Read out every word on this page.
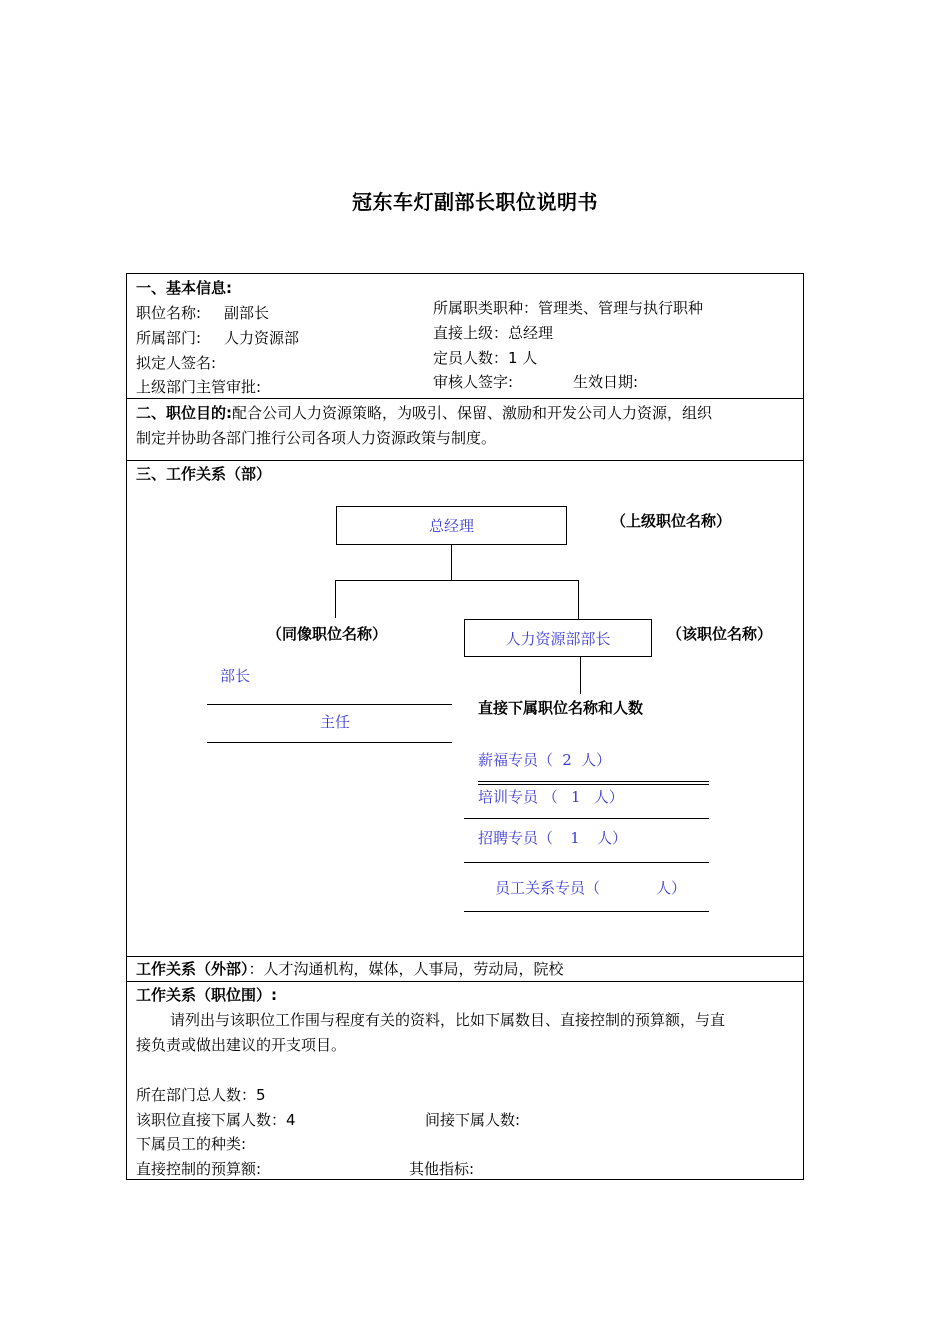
冠东车灯副部长职位说明书
一、基本信息:
职位名称: 副部长
所属部门: 人力资源部
拟定人签名:
上级部门主管审批:
所属职类职种：管理类、管理与执行职种
直接上级：总经理
定员人数：1 人
审核人签字:	生效日期:
二、职位目的:配合公司人力资源策略，为吸引、保留、激励和开发公司人力资源，组织
制定并协助各部门推行公司各项人力资源政策与制度。
三、工作关系（部）
总经理	（上级职位名称）
（同像职位名称）	人力资源部部长	（该职位名称）
部长
主任
直接下属职位名称和人数
薪福专员（ 2 人）
培训专员 （ 1 人）
招聘专员（ 1 人）
员工关系专员（	人）
工作关系（外部）：人才沟通机构，媒体，人事局，劳动局，院校
工作关系（职位围）:
请列出与该职位工作围与程度有关的资料，比如下属数目、直接控制的预算额，与直
接负责或做出建议的开支项目。
所在部门总人数：5
该职位直接下属人数：4	间接下属人数:
下属员工的种类:
直接控制的预算额:	其他指标:
